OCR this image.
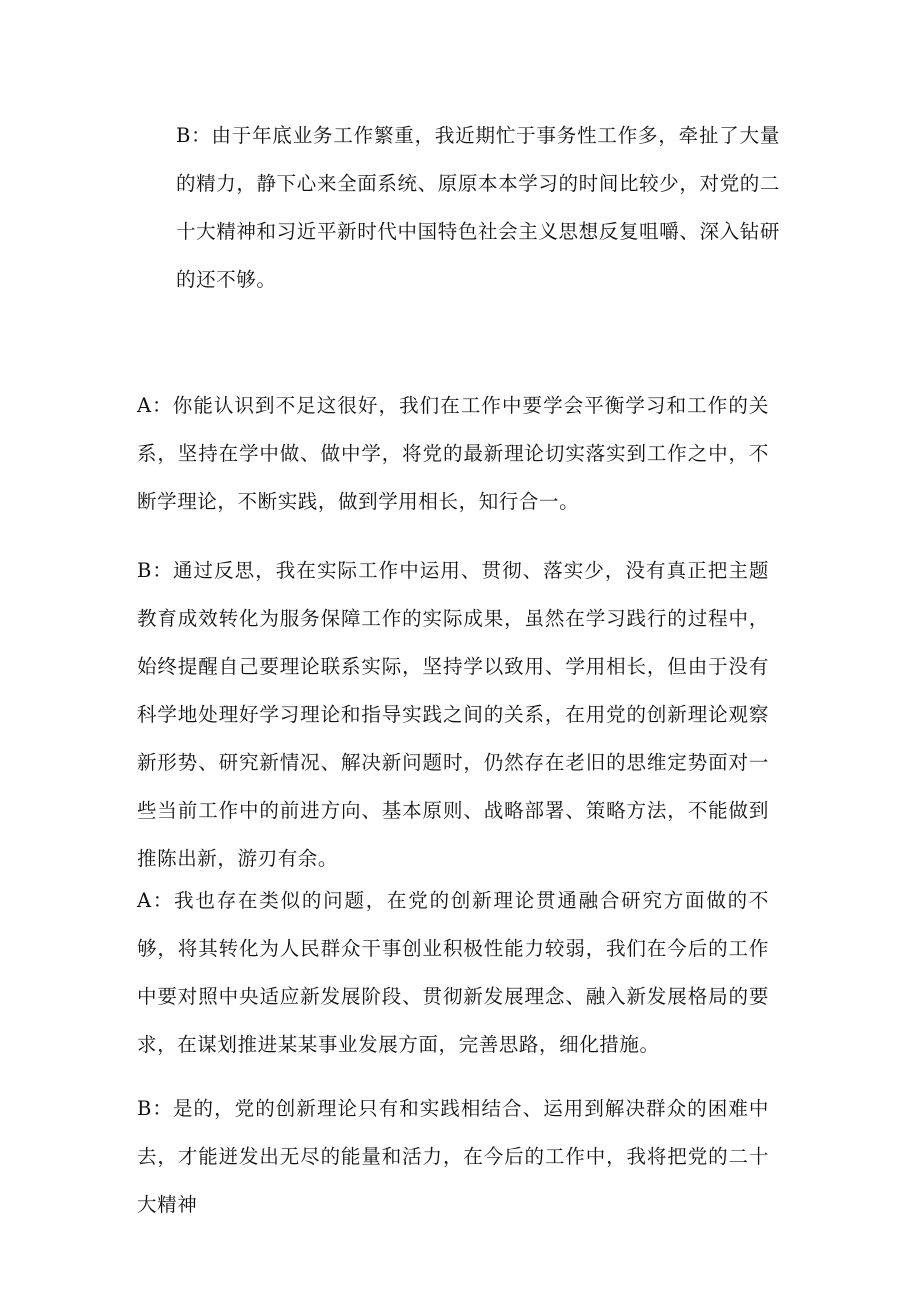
B：由于年底业务工作繁重，我近期忙于事务性工作多，牵扯了大量的精力，静下心来全面系统、原原本本学习的时间比较少，对党的二十大精神和习近平新时代中国特色社会主义思想反复咀嚼、深入钻研的还不够。

A：你能认识到不足这很好，我们在工作中要学会平衡学习和工作的关系，坚持在学中做、做中学，将党的最新理论切实落实到工作之中，不断学理论，不断实践，做到学用相长，知行合一。

B：通过反思，我在实际工作中运用、贯彻、落实少，没有真正把主题教育成效转化为服务保障工作的实际成果，虽然在学习践行的过程中，始终提醒自己要理论联系实际，坚持学以致用、学用相长，但由于没有科学地处理好学习理论和指导实践之间的关系，在用党的创新理论观察新形势、研究新情况、解决新问题时，仍然存在老旧的思维定势面对一些当前工作中的前进方向、基本原则、战略部署、策略方法，不能做到推陈出新，游刃有余。

A：我也存在类似的问题，在党的创新理论贯通融合研究方面做的不够，将其转化为人民群众干事创业积极性能力较弱，我们在今后的工作中要对照中央适应新发展阶段、贯彻新发展理念、融入新发展格局的要求，在谋划推进某某事业发展方面，完善思路，细化措施。

B：是的，党的创新理论只有和实践相结合、运用到解决群众的困难中去，才能迸发出无尽的能量和活力，在今后的工作中，我将把党的二十大精神
